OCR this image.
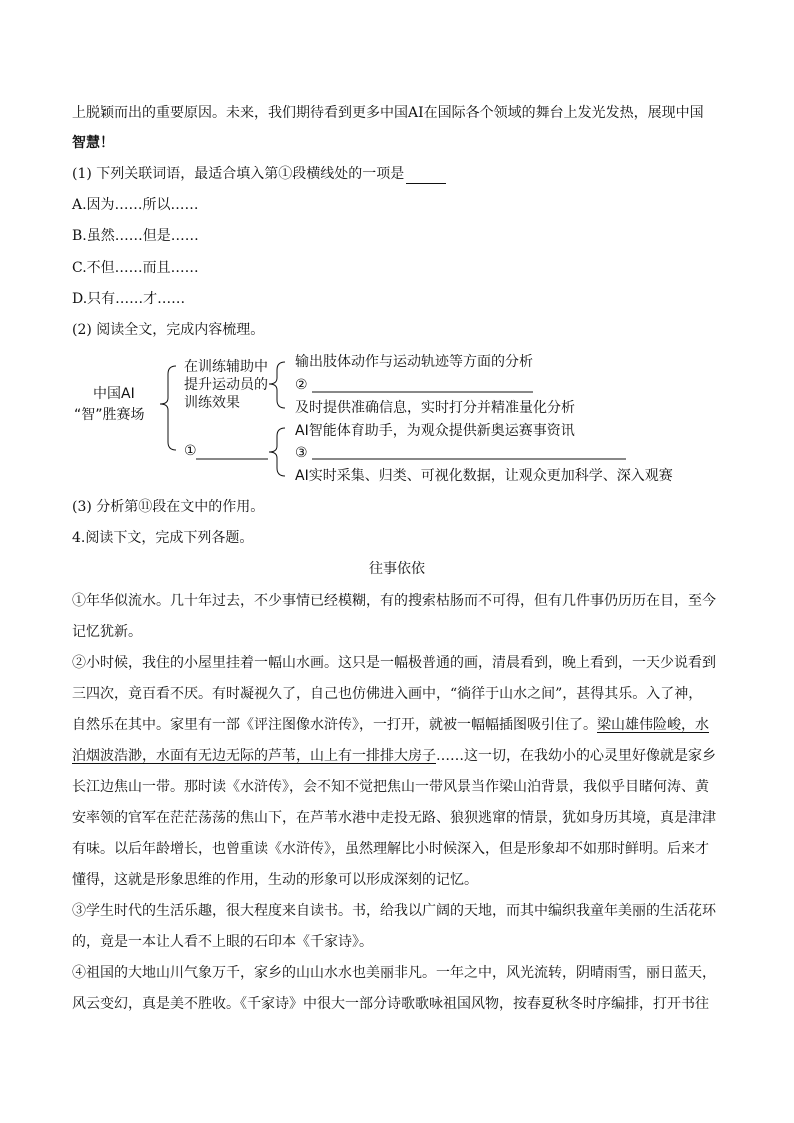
上脱颖而出的重要原因。未来，我们期待看到更多中国AI在国际各个领域的舞台上发光发热，展现中国
智慧！
(1) 下列关联词语，最适合填入第①段横线处的一项是
A.因为……所以……
B.虽然……但是……
C.不但……而且……
D.只有……才……
(2) 阅读全文，完成内容梳理。
中国AI
“智”胜赛场
在训练辅助中
提升运动员的
训练效果
输出肢体动作与运动轨迹等方面的分析
②
及时提供准确信息，实时打分并精准量化分析
①
AI智能体育助手，为观众提供新奥运赛事资讯
③
AI实时采集、归类、可视化数据，让观众更加科学、深入观赛
(3) 分析第⑪段在文中的作用。
4.阅读下文，完成下列各题。
往事依依
①年华似流水。几十年过去，不少事情已经模糊，有的搜索枯肠而不可得，但有几件事仍历历在目，至今
记忆犹新。
②小时候，我住的小屋里挂着一幅山水画。这只是一幅极普通的画，清晨看到，晚上看到，一天少说看到
三四次，竟百看不厌。有时凝视久了，自己也仿佛进入画中，“徜徉于山水之间”，甚得其乐。入了神，
自然乐在其中。家里有一部《评注图像水浒传》，一打开，就被一幅幅插图吸引住了。梁山雄伟险峻，水
泊烟波浩渺，水面有无边无际的芦苇，山上有一排排大房子……这一切，在我幼小的心灵里好像就是家乡
长江边焦山一带。那时读《水浒传》，会不知不觉把焦山一带风景当作梁山泊背景，我似乎目睹何涛、黄
安率领的官军在茫茫荡荡的焦山下，在芦苇水港中走投无路、狼狈逃窜的情景，犹如身历其境，真是津津
有味。以后年龄增长，也曾重读《水浒传》，虽然理解比小时候深入，但是形象却不如那时鲜明。后来才
懂得，这就是形象思维的作用，生动的形象可以形成深刻的记忆。
③学生时代的生活乐趣，很大程度来自读书。书，给我以广阔的天地，而其中编织我童年美丽的生活花环
的，竟是一本让人看不上眼的石印本《千家诗》。
④祖国的大地山川气象万千，家乡的山山水水也美丽非凡。一年之中，风光流转，阴晴雨雪，丽日蓝天，
风云变幻，真是美不胜收。《千家诗》中很大一部分诗歌歌咏祖国风物，按春夏秋冬时序编排，打开书往
